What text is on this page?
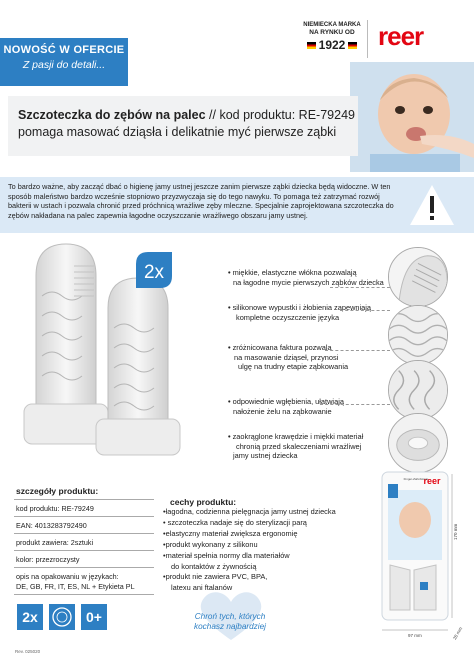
NOWOŚĆ W OFERCIE
Z pasji do detali...
NIEMIECKA MARKA
NA RYNKU OD
1922 reer
Szczoteczka do zębów na palec // kod produktu: RE-79249
pomaga masować dziąsła i delikatnie myć pierwsze ząbki

To bardzo ważne, aby zacząć dbać o higienę jamy ustnej jeszcze zanim pierwsze ząbki dziecka będą widoczne. W ten sposób maleństwo bardzo wcześnie stopniowo przyzwyczaja się do tego nawyku. To pomaga też zatrzymać rozwój bakterii w ustach i pozwala chronić przed próchnicą wrażliwe zęby mleczne. Specjalnie zaprojektowana szczoteczka do zębów nakładana na palec zapewnia łagodne oczyszczanie wrażliwego obszaru jamy ustnej.

2x	• miękkie, elastyczne włókna pozwalają
na łagodne mycie pierwszych ząbków dziecka
• silikonowe wypustki i żłobienia zapewniają
kompletne oczyszczenie języka
• zróżnicowana faktura pozwala
na masowanie dziąseł, przynosi
ulgę na trudny etapie ząbkowania
• odpowiednie wgłębienia, ułatwiają
nałożenie żelu na ząbkowanie
• zaokrąglone krawędzie i miękki materiał
chronią przed skaleczeniami wrażliwej
jamy ustnej dziecka
szczegóły produktu:
kod produktu: RE-79249
EAN: 4013283792490
produkt zawiera: 2sztuki
kolor: przezroczysty
opis na opakowaniu w językach:
DE, GB, FR, IT, ES, NL + Etykieta PL
cechy produktu:
•łagodna, codzienna pielęgnacja jamy ustnej dziecka
• szczoteczka nadaje się do sterylizacji parą
•elastyczny materiał zwiększa ergonomię
•produkt wykonany z silikonu
•materiał spełnia normy dla materiałów
do kontaktów z żywnością
•produkt nie zawiera PVC, BPA,
latexu ani ftalanów
2x	0+	Chroń tych, których
kochasz najbardziej
Rev. 025020
reer
Finger-Zahnbürste
170 mm
97 mm	28 mm
